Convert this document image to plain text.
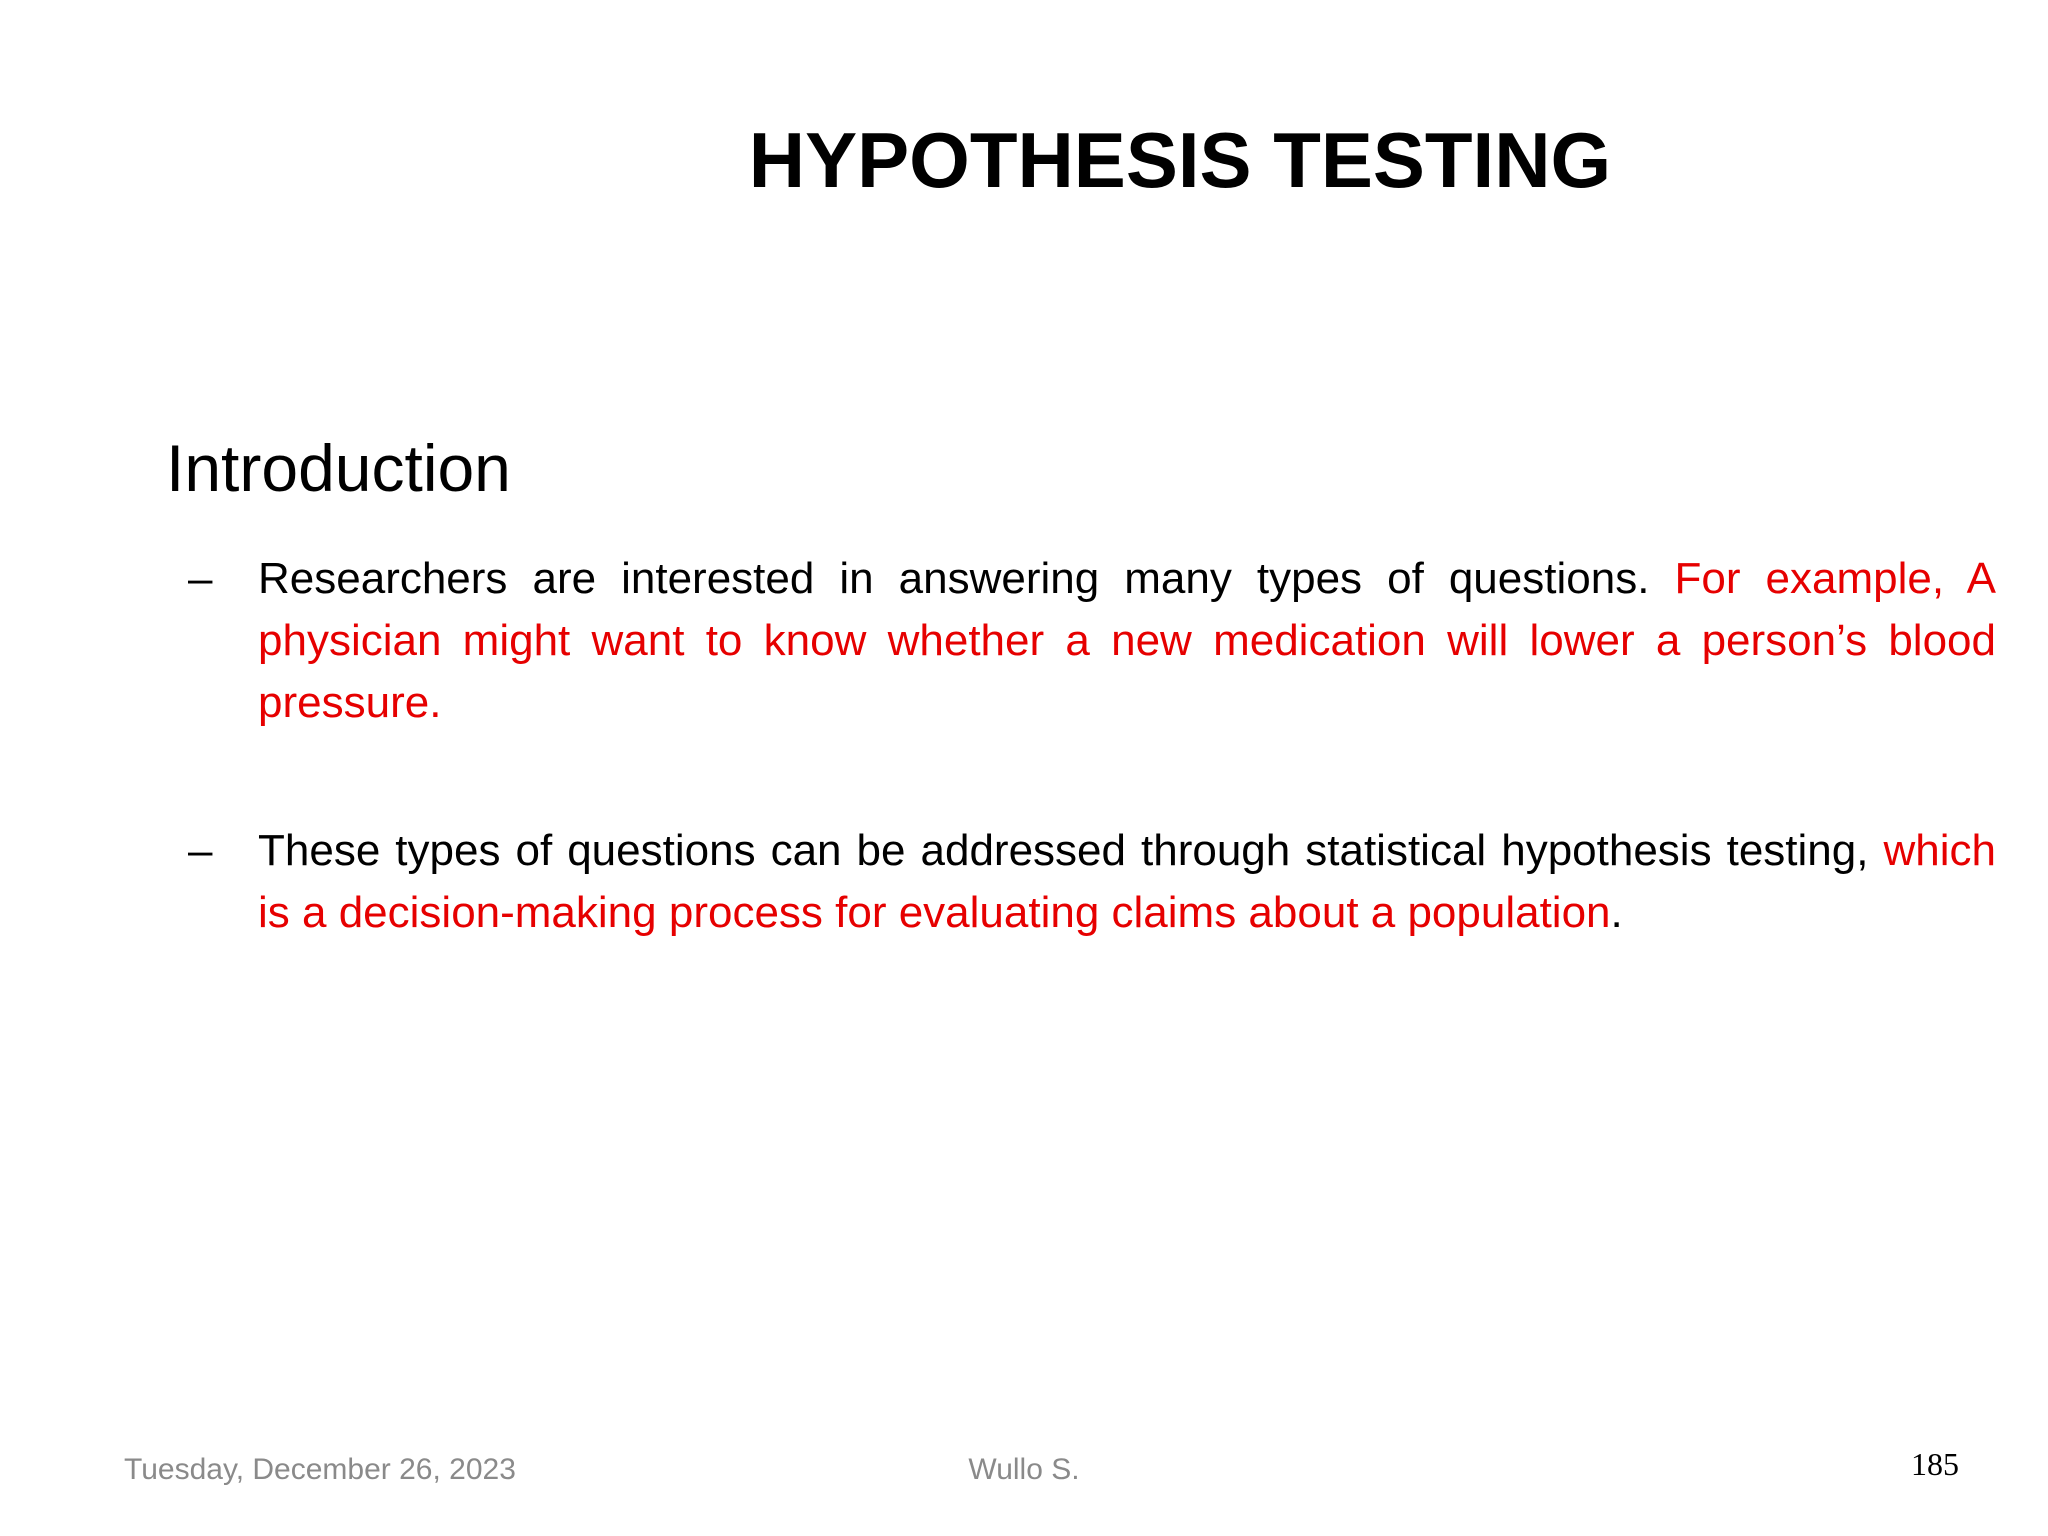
HYPOTHESIS TESTING
Introduction
– Researchers are interested in answering many types of questions. For example, A physician might want to know whether a new medication will lower a person’s blood pressure.
– These types of questions can be addressed through statistical hypothesis testing, which is a decision-making process for evaluating claims about a population.
Tuesday, December 26, 2023	Wullo S.	185
